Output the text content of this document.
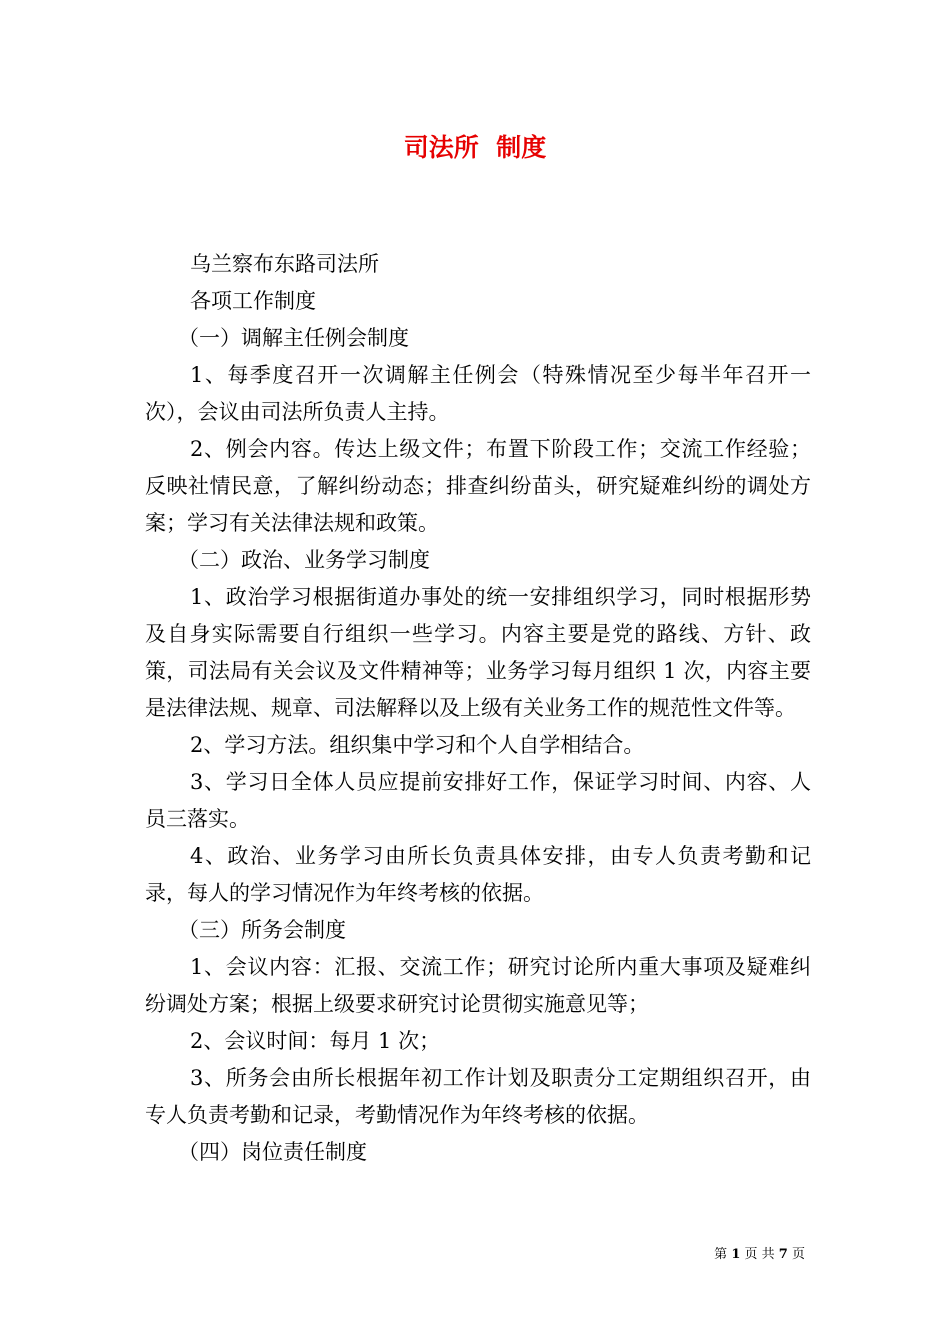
司法所  制度

乌兰察布东路司法所

各项工作制度

（一）调解主任例会制度

1、每季度召开一次调解主任例会（特殊情况至少每半年召开一次），会议由司法所负责人主持。

2、例会内容。传达上级文件；布置下阶段工作；交流工作经验；反映社情民意，了解纠纷动态；排查纠纷苗头，研究疑难纠纷的调处方案；学习有关法律法规和政策。

（二）政治、业务学习制度

1、政治学习根据街道办事处的统一安排组织学习，同时根据形势及自身实际需要自行组织一些学习。内容主要是党的路线、方针、政策，司法局有关会议及文件精神等；业务学习每月组织 1 次，内容主要是法律法规、规章、司法解释以及上级有关业务工作的规范性文件等。

2、学习方法。组织集中学习和个人自学相结合。

3、学习日全体人员应提前安排好工作，保证学习时间、内容、人员三落实。

4、政治、业务学习由所长负责具体安排，由专人负责考勤和记录，每人的学习情况作为年终考核的依据。

（三）所务会制度

1、会议内容：汇报、交流工作；研究讨论所内重大事项及疑难纠纷调处方案；根据上级要求研究讨论贯彻实施意见等；

2、会议时间：每月 1 次；

3、所务会由所长根据年初工作计划及职责分工定期组织召开，由专人负责考勤和记录，考勤情况作为年终考核的依据。

（四）岗位责任制度

第 1 页 共 7 页
